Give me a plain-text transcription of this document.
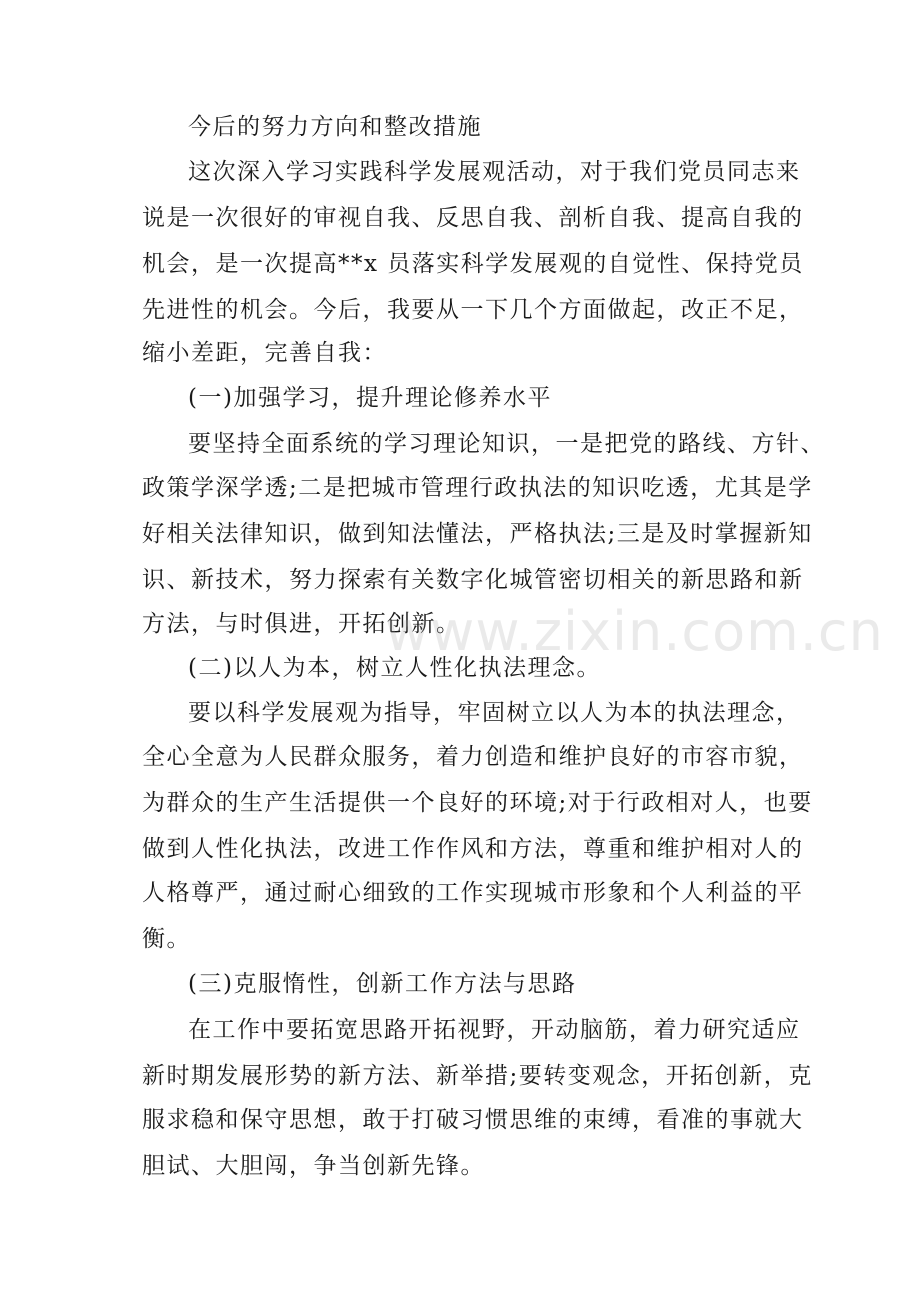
今后的努力方向和整改措施
这次深入学习实践科学发展观活动，对于我们党员同志来
说是一次很好的审视自我、反思自我、剖析自我、提高自我的
机会，是一次提高**x 员落实科学发展观的自觉性、保持党员
先进性的机会。今后，我要从一下几个方面做起，改正不足，
缩小差距，完善自我：
(一)加强学习，提升理论修养水平
要坚持全面系统的学习理论知识，一是把党的路线、方针、
政策学深学透;二是把城市管理行政执法的知识吃透，尤其是学
好相关法律知识，做到知法懂法，严格执法;三是及时掌握新知
识、新技术，努力探索有关数字化城管密切相关的新思路和新
方法，与时俱进，开拓创新。
(二)以人为本，树立人性化执法理念。
要以科学发展观为指导，牢固树立以人为本的执法理念，
全心全意为人民群众服务，着力创造和维护良好的市容市貌，
为群众的生产生活提供一个良好的环境;对于行政相对人，也要
做到人性化执法，改进工作作风和方法，尊重和维护相对人的
人格尊严，通过耐心细致的工作实现城市形象和个人利益的平
衡。
(三)克服惰性，创新工作方法与思路
在工作中要拓宽思路开拓视野，开动脑筋，着力研究适应
新时期发展形势的新方法、新举措;要转变观念，开拓创新，克
服求稳和保守思想，敢于打破习惯思维的束缚，看准的事就大
胆试、大胆闯，争当创新先锋。
www.zixin.com.cn
